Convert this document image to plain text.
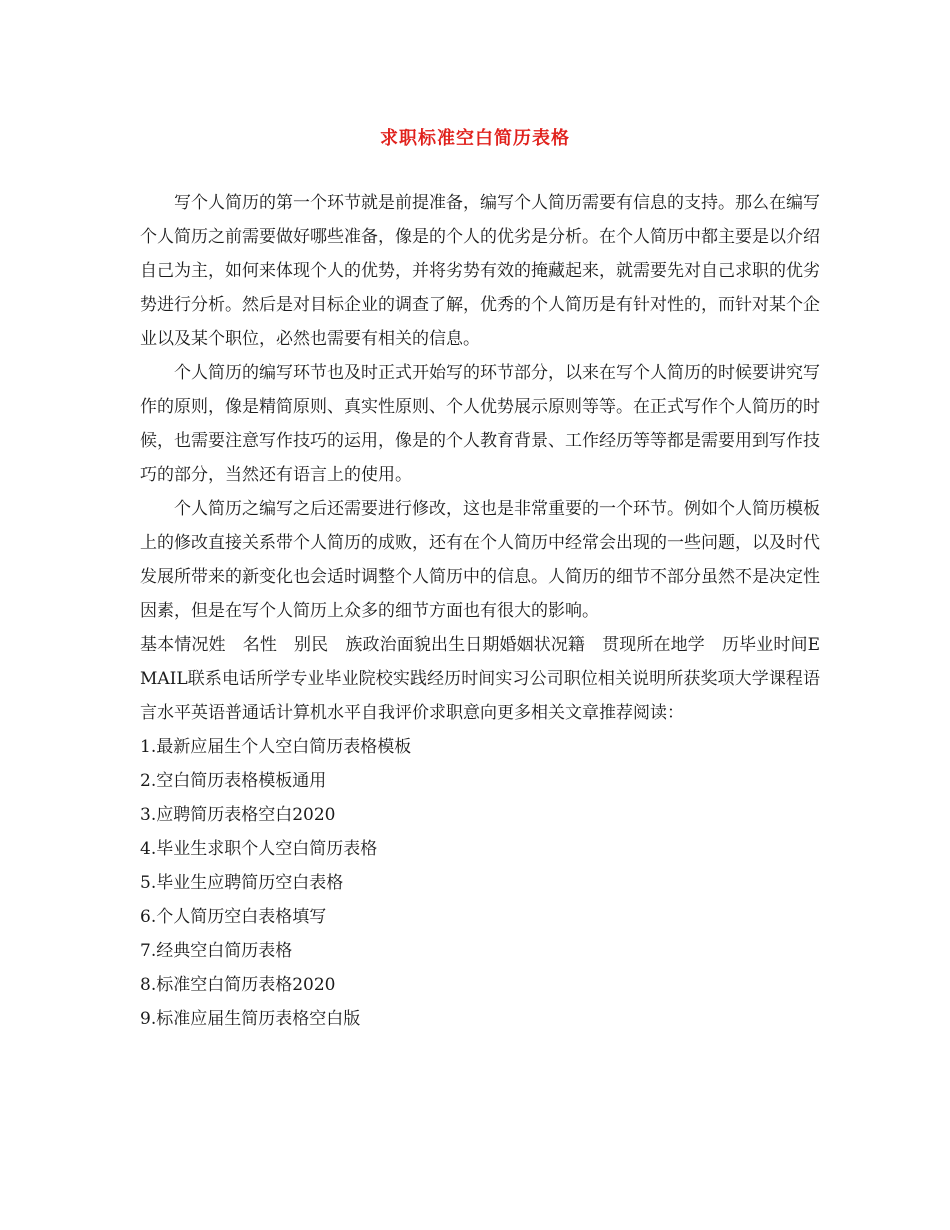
求职标准空白简历表格

写个人简历的第一个环节就是前提准备，编写个人简历需要有信息的支持。那么在编写个人简历之前需要做好哪些准备，像是的个人的优劣是分析。在个人简历中都主要是以介绍自己为主，如何来体现个人的优势，并将劣势有效的掩藏起来，就需要先对自己求职的优劣势进行分析。然后是对目标企业的调查了解，优秀的个人简历是有针对性的，而针对某个企业以及某个职位，必然也需要有相关的信息。

个人简历的编写环节也及时正式开始写的环节部分，以来在写个人简历的时候要讲究写作的原则，像是精简原则、真实性原则、个人优势展示原则等等。在正式写作个人简历的时候，也需要注意写作技巧的运用，像是的个人教育背景、工作经历等等都是需要用到写作技巧的部分，当然还有语言上的使用。

个人简历之编写之后还需要进行修改，这也是非常重要的一个环节。例如个人简历模板上的修改直接关系带个人简历的成败，还有在个人简历中经常会出现的一些问题，以及时代发展所带来的新变化也会适时调整个人简历中的信息。人简历的细节不部分虽然不是决定性因素，但是在写个人简历上众多的细节方面也有很大的影响。

基本情况姓　名性　别民　族政治面貌出生日期婚姻状况籍　贯现所在地学　历毕业时间EMAIL联系电话所学专业毕业院校实践经历时间实习公司职位相关说明所获奖项大学课程语言水平英语普通话计算机水平自我评价求职意向更多相关文章推荐阅读：

1.最新应届生个人空白简历表格模板
2.空白简历表格模板通用
3.应聘简历表格空白2020
4.毕业生求职个人空白简历表格
5.毕业生应聘简历空白表格
6.个人简历空白表格填写
7.经典空白简历表格
8.标准空白简历表格2020
9.标准应届生简历表格空白版
